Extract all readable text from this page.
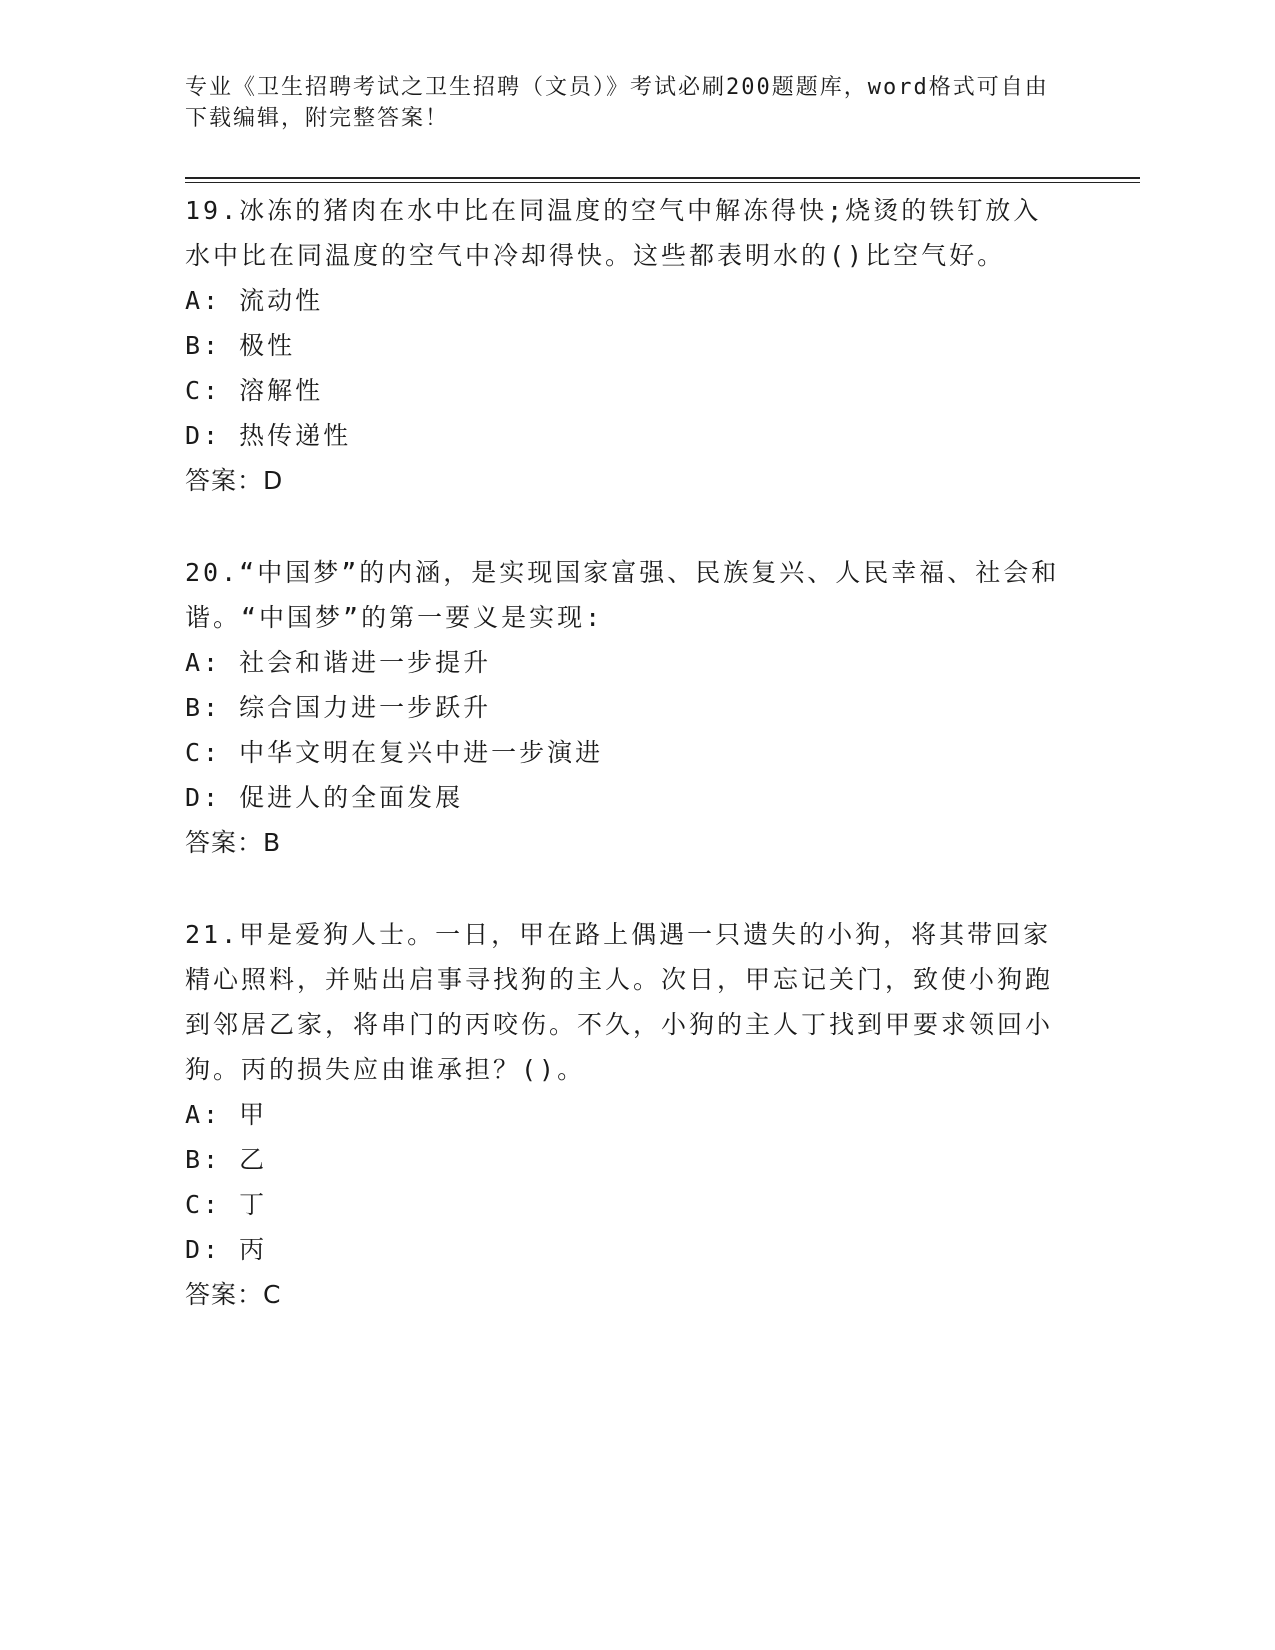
专业《卫生招聘考试之卫生招聘（文员）》考试必刷200题题库，word格式可自由下载编辑，附完整答案！

19.冰冻的猪肉在水中比在同温度的空气中解冻得快;烧烫的铁钉放入水中比在同温度的空气中冷却得快。这些都表明水的()比空气好。

A: 流动性

B: 极性

C: 溶解性

D: 热传递性

答案：D

20.“中国梦”的内涵，是实现国家富强、民族复兴、人民幸福、社会和谐。“中国梦”的第一要义是实现:

A: 社会和谐进一步提升

B: 综合国力进一步跃升

C: 中华文明在复兴中进一步演进

D: 促进人的全面发展

答案：B

21.甲是爱狗人士。一日，甲在路上偶遇一只遗失的小狗，将其带回家精心照料，并贴出启事寻找狗的主人。次日，甲忘记关门，致使小狗跑到邻居乙家，将串门的丙咬伤。不久，小狗的主人丁找到甲要求领回小狗。丙的损失应由谁承担？()。

A: 甲

B: 乙

C: 丁

D: 丙

答案：C
